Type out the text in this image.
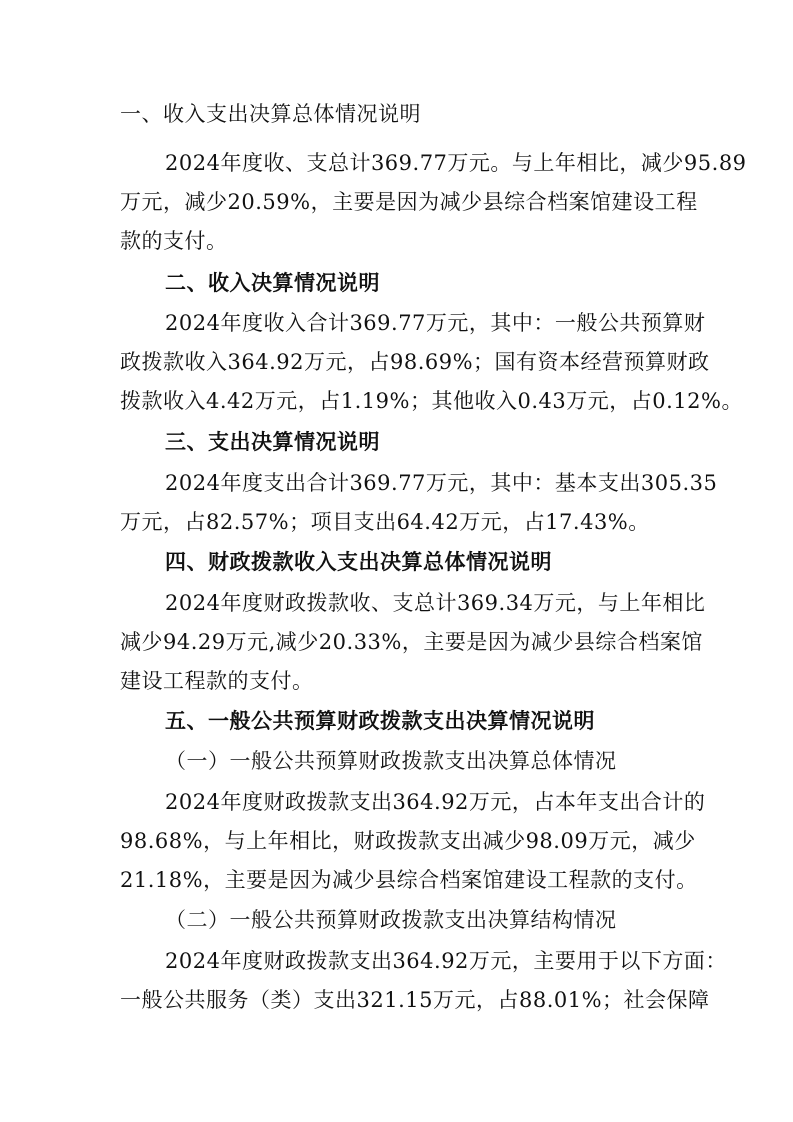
一、收入支出决算总体情况说明
2024年度收、支总计369.77万元。与上年相比，减少95.89
万元，减少20.59%，主要是因为减少县综合档案馆建设工程
款的支付。
二、收入决算情况说明
2024年度收入合计369.77万元，其中：一般公共预算财
政拨款收入364.92万元，占98.69%；国有资本经营预算财政
拨款收入4.42万元，占1.19%；其他收入0.43万元，占0.12%。
三、支出决算情况说明
2024年度支出合计369.77万元，其中：基本支出305.35
万元，占82.57%；项目支出64.42万元，占17.43%。
四、财政拨款收入支出决算总体情况说明
2024年度财政拨款收、支总计369.34万元，与上年相比
减少94.29万元,减少20.33%，主要是因为减少县综合档案馆
建设工程款的支付。
五、一般公共预算财政拨款支出决算情况说明
（一）一般公共预算财政拨款支出决算总体情况
2024年度财政拨款支出364.92万元，占本年支出合计的
98.68%，与上年相比，财政拨款支出减少98.09万元，减少
21.18%，主要是因为减少县综合档案馆建设工程款的支付。
（二）一般公共预算财政拨款支出决算结构情况
2024年度财政拨款支出364.92万元，主要用于以下方面：
一般公共服务（类）支出321.15万元，占88.01%；社会保障
